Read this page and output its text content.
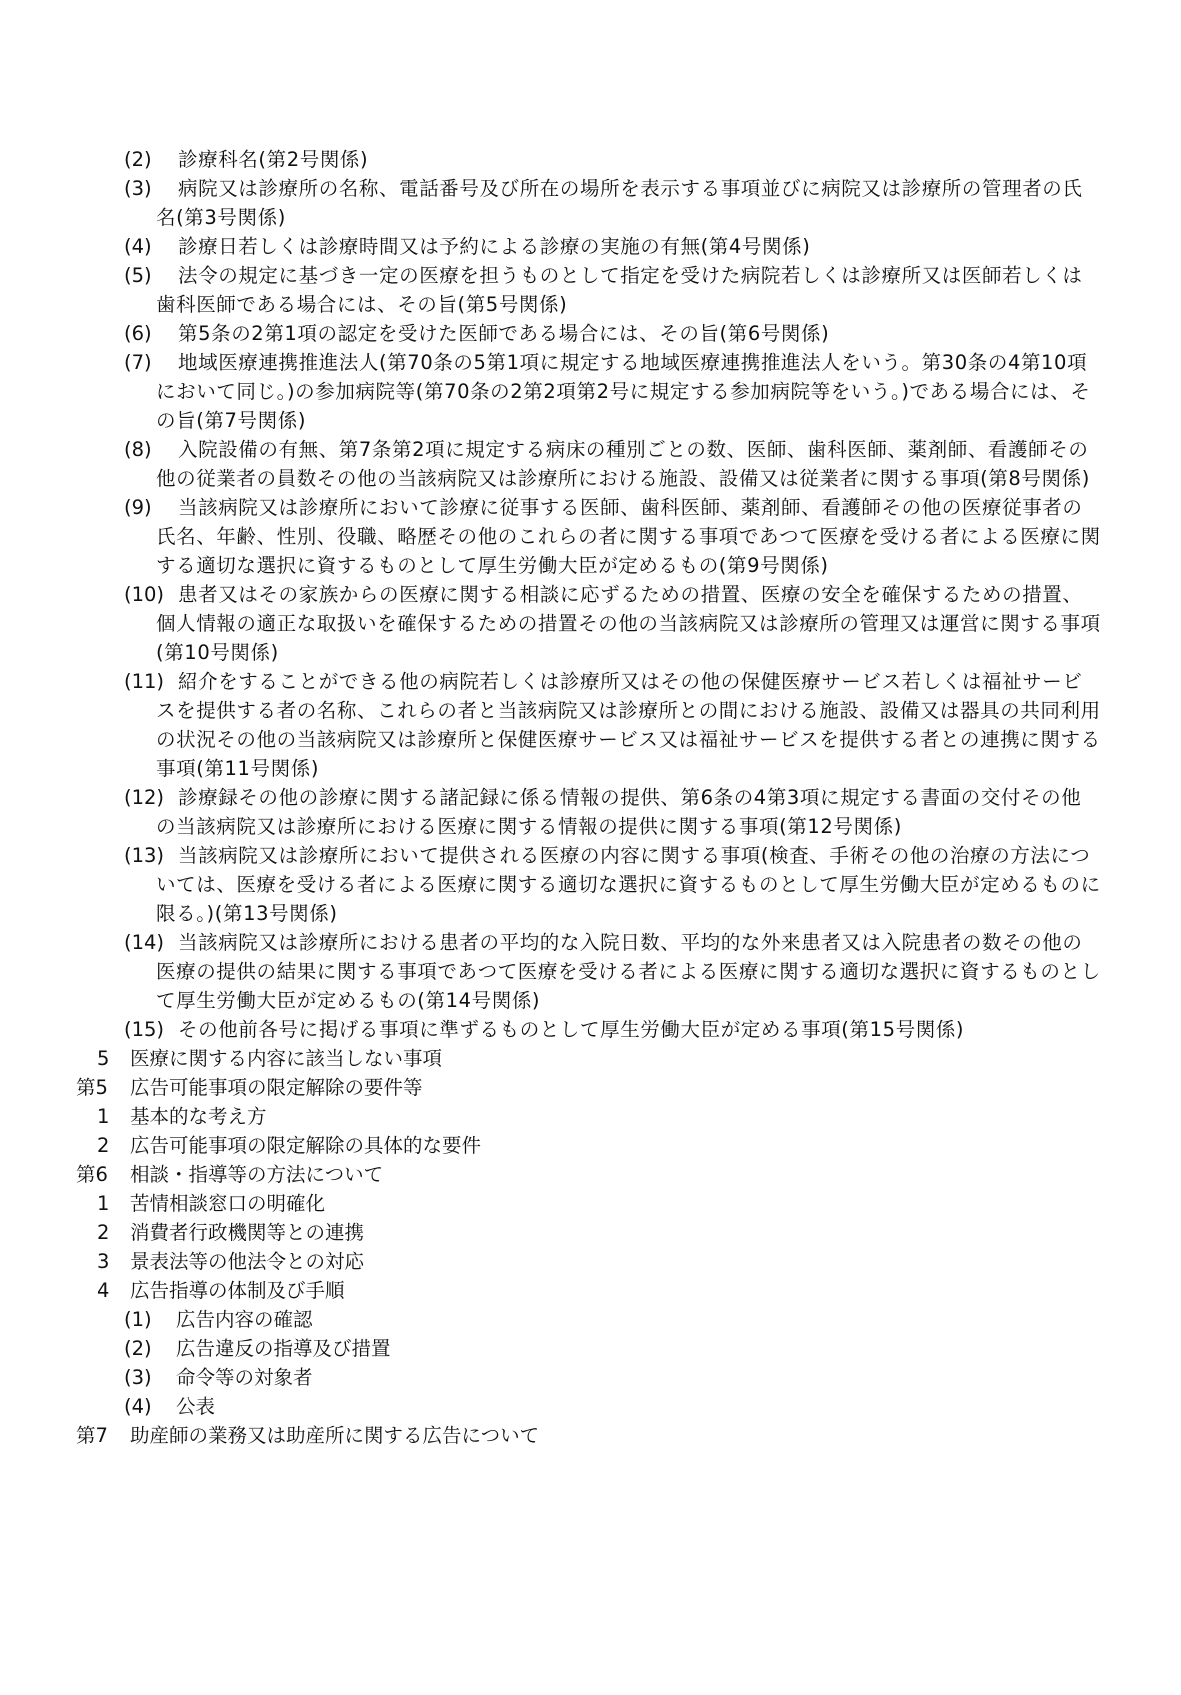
(2)	診療科名(第2号関係)
(3)	病院又は診療所の名称、電話番号及び所在の場所を表示する事項並びに病院又は診療所の管理者の氏名(第3号関係)
(4)	診療日若しくは診療時間又は予約による診療の実施の有無(第4号関係)
(5)	法令の規定に基づき一定の医療を担うものとして指定を受けた病院若しくは診療所又は医師若しくは歯科医師である場合には、その旨(第5号関係)
(6)	第5条の2第1項の認定を受けた医師である場合には、その旨(第6号関係)
(7)	地域医療連携推進法人(第70条の5第1項に規定する地域医療連携推進法人をいう。第30条の4第10項において同じ。)の参加病院等(第70条の2第2項第2号に規定する参加病院等をいう。)である場合には、その旨(第7号関係)
(8)	入院設備の有無、第7条第2項に規定する病床の種別ごとの数、医師、歯科医師、薬剤師、看護師その他の従業者の員数その他の当該病院又は診療所における施設、設備又は従業者に関する事項(第8号関係)
(9)	当該病院又は診療所において診療に従事する医師、歯科医師、薬剤師、看護師その他の医療従事者の氏名、年齢、性別、役職、略歴その他のこれらの者に関する事項であつて医療を受ける者による医療に関する適切な選択に資するものとして厚生労働大臣が定めるもの(第9号関係)
(10) 患者又はその家族からの医療に関する相談に応ずるための措置、医療の安全を確保するための措置、個人情報の適正な取扱いを確保するための措置その他の当該病院又は診療所の管理又は運営に関する事項(第10号関係)
(11) 紹介をすることができる他の病院若しくは診療所又はその他の保健医療サービス若しくは福祉サービスを提供する者の名称、これらの者と当該病院又は診療所との間における施設、設備又は器具の共同利用の状況その他の当該病院又は診療所と保健医療サービス又は福祉サービスを提供する者との連携に関する事項(第11号関係)
(12) 診療録その他の診療に関する諸記録に係る情報の提供、第6条の4第3項に規定する書面の交付その他の当該病院又は診療所における医療に関する情報の提供に関する事項(第12号関係)
(13) 当該病院又は診療所において提供される医療の内容に関する事項(検査、手術その他の治療の方法については、医療を受ける者による医療に関する適切な選択に資するものとして厚生労働大臣が定めるものに限る。)(第13号関係)
(14) 当該病院又は診療所における患者の平均的な入院日数、平均的な外来患者又は入院患者の数その他の医療の提供の結果に関する事項であつて医療を受ける者による医療に関する適切な選択に資するものとして厚生労働大臣が定めるもの(第14号関係)
(15) その他前各号に掲げる事項に準ずるものとして厚生労働大臣が定める事項(第15号関係)
5 医療に関する内容に該当しない事項
第5 広告可能事項の限定解除の要件等
1 基本的な考え方
2 広告可能事項の限定解除の具体的な要件
第6 相談・指導等の方法について
1 苦情相談窓口の明確化
2 消費者行政機関等との連携
3 景表法等の他法令との対応
4 広告指導の体制及び手順
(1) 広告内容の確認
(2) 広告違反の指導及び措置
(3) 命令等の対象者
(4) 公表
第7 助産師の業務又は助産所に関する広告について
